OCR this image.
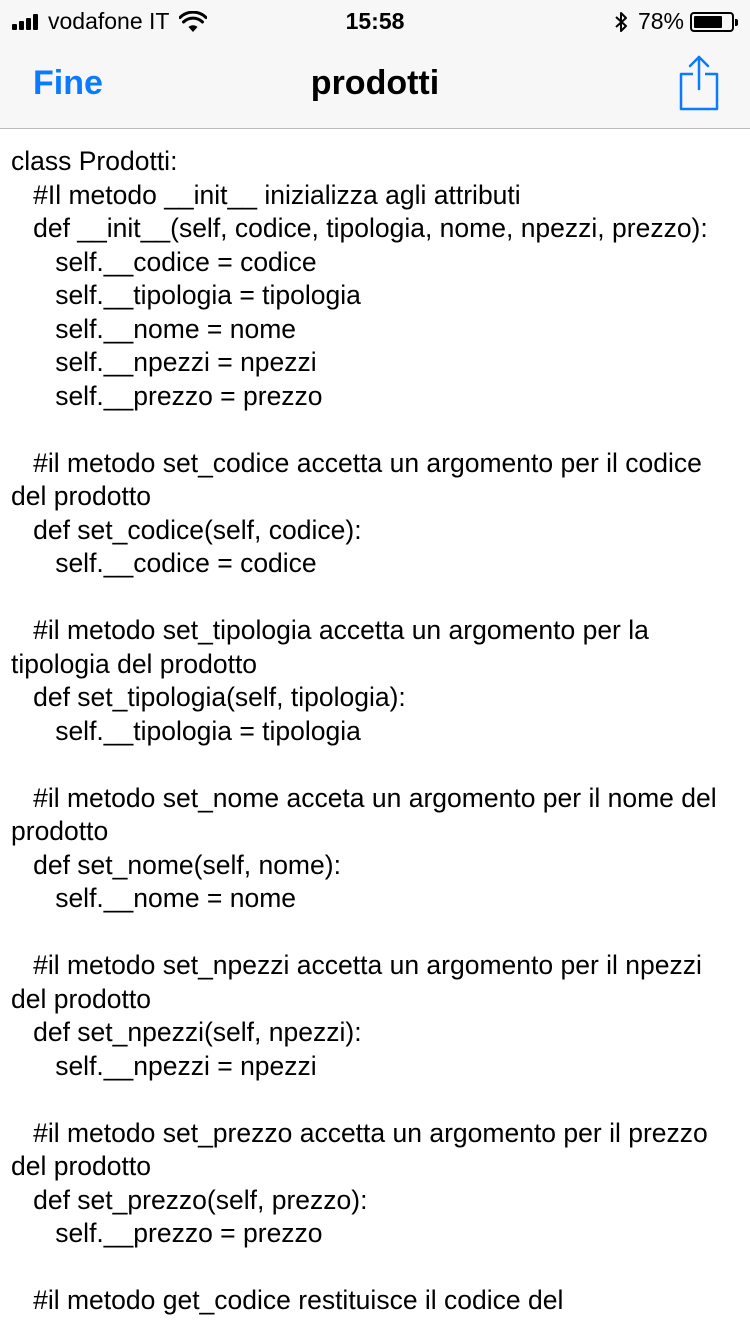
vodafone IT	15:58	78%
Fine	prodotti
class Prodotti:
#Il metodo __init__ inizializza agli attributi
def __init__(self, codice, tipologia, nome, npezzi, prezzo):
self.__codice = codice
self.__tipologia = tipologia
self.__nome = nome
self.__npezzi = npezzi
self.__prezzo = prezzo

#il metodo set_codice accetta un argomento per il codice del prodotto
def set_codice(self, codice):
self.__codice = codice

#il metodo set_tipologia accetta un argomento per la tipologia del prodotto
def set_tipologia(self, tipologia):
self.__tipologia = tipologia

#il metodo set_nome acceta un argomento per il nome del prodotto
def set_nome(self, nome):
self.__nome = nome

#il metodo set_npezzi accetta un argomento per il npezzi del prodotto
def set_npezzi(self, npezzi):
self.__npezzi = npezzi

#il metodo set_prezzo accetta un argomento per il prezzo del prodotto
def set_prezzo(self, prezzo):
self.__prezzo = prezzo

#il metodo get_codice restituisce il codice del
